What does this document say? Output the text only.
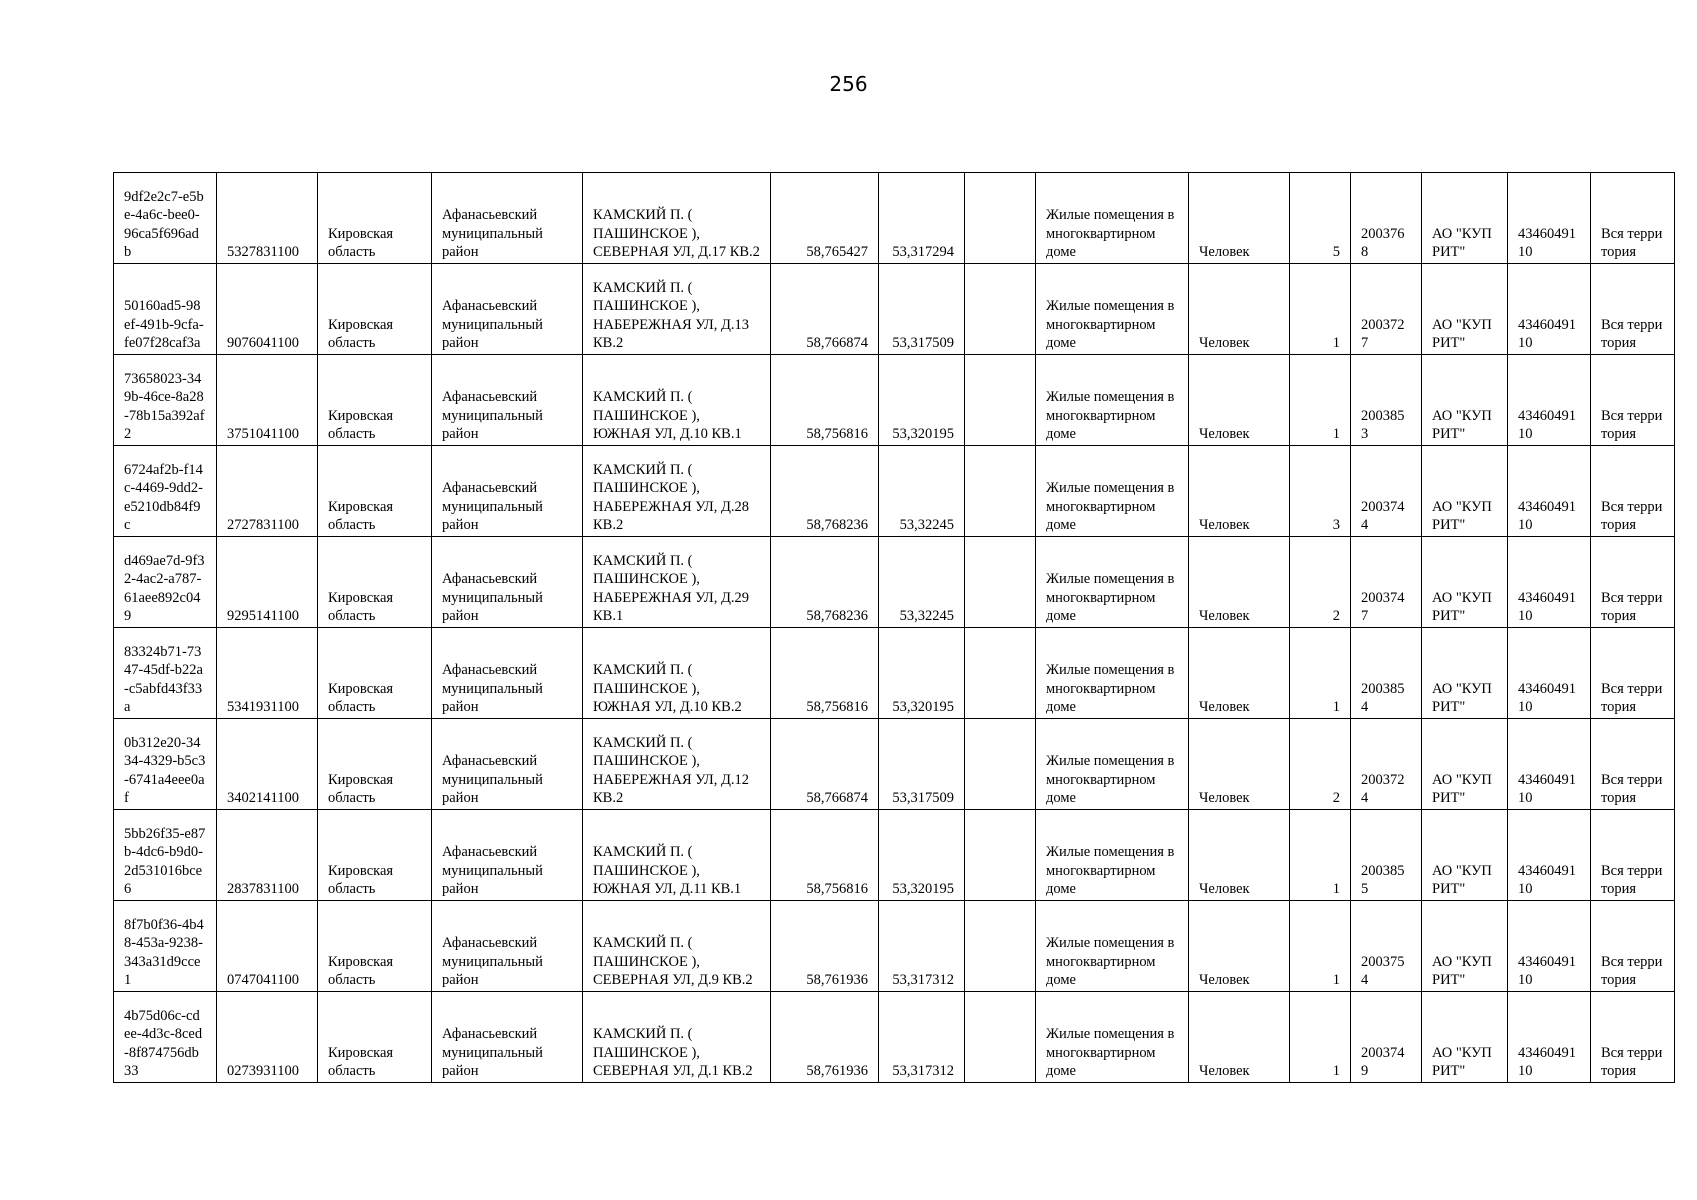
256
9df2e2c7-e5be-4a6c-bee0-96ca5f696adb	5327831100	Кировская область	Афанасьевский муниципальный район	КАМСКИЙ П. ( ПАШИНСКОЕ ), СЕВЕРНАЯ УЛ, Д.17 КВ.2	58,765427	53,317294		Жилые помещения в многоквартирном доме	Человек	5	2003768	АО "КУПРИТ"	4346049110	Вся территория
50160ad5-98ef-491b-9cfa-fe07f28caf3a	9076041100	Кировская область	Афанасьевский муниципальный район	КАМСКИЙ П. ( ПАШИНСКОЕ ), НАБЕРЕЖНАЯ УЛ, Д.13 КВ.2	58,766874	53,317509		Жилые помещения в многоквартирном доме	Человек	1	2003727	АО "КУПРИТ"	4346049110	Вся территория
73658023-349b-46ce-8a28-78b15a392af2	3751041100	Кировская область	Афанасьевский муниципальный район	КАМСКИЙ П. ( ПАШИНСКОЕ ), ЮЖНАЯ УЛ, Д.10 КВ.1	58,756816	53,320195		Жилые помещения в многоквартирном доме	Человек	1	2003853	АО "КУПРИТ"	4346049110	Вся территория
6724af2b-f14c-4469-9dd2-e5210db84f9c	2727831100	Кировская область	Афанасьевский муниципальный район	КАМСКИЙ П. ( ПАШИНСКОЕ ), НАБЕРЕЖНАЯ УЛ, Д.28 КВ.2	58,768236	53,32245		Жилые помещения в многоквартирном доме	Человек	3	2003744	АО "КУПРИТ"	4346049110	Вся территория
d469ae7d-9f32-4ac2-a787-61aee892c049	9295141100	Кировская область	Афанасьевский муниципальный район	КАМСКИЙ П. ( ПАШИНСКОЕ ), НАБЕРЕЖНАЯ УЛ, Д.29 КВ.1	58,768236	53,32245		Жилые помещения в многоквартирном доме	Человек	2	2003747	АО "КУПРИТ"	4346049110	Вся территория
83324b71-7347-45df-b22a-c5abfd43f33a	5341931100	Кировская область	Афанасьевский муниципальный район	КАМСКИЙ П. ( ПАШИНСКОЕ ), ЮЖНАЯ УЛ, Д.10 КВ.2	58,756816	53,320195		Жилые помещения в многоквартирном доме	Человек	1	2003854	АО "КУПРИТ"	4346049110	Вся территория
0b312e20-3434-4329-b5c3-6741a4eee0af	3402141100	Кировская область	Афанасьевский муниципальный район	КАМСКИЙ П. ( ПАШИНСКОЕ ), НАБЕРЕЖНАЯ УЛ, Д.12 КВ.2	58,766874	53,317509		Жилые помещения в многоквартирном доме	Человек	2	2003724	АО "КУПРИТ"	4346049110	Вся территория
5bb26f35-e87b-4dc6-b9d0-2d531016bce6	2837831100	Кировская область	Афанасьевский муниципальный район	КАМСКИЙ П. ( ПАШИНСКОЕ ), ЮЖНАЯ УЛ, Д.11 КВ.1	58,756816	53,320195		Жилые помещения в многоквартирном доме	Человек	1	2003855	АО "КУПРИТ"	4346049110	Вся территория
8f7b0f36-4b48-453a-9238-343a31d9cce1	0747041100	Кировская область	Афанасьевский муниципальный район	КАМСКИЙ П. ( ПАШИНСКОЕ ), СЕВЕРНАЯ УЛ, Д.9 КВ.2	58,761936	53,317312		Жилые помещения в многоквартирном доме	Человек	1	2003754	АО "КУПРИТ"	4346049110	Вся территория
4b75d06c-cdee-4d3c-8ced-8f874756db33	0273931100	Кировская область	Афанасьевский муниципальный район	КАМСКИЙ П. ( ПАШИНСКОЕ ), СЕВЕРНАЯ УЛ, Д.1 КВ.2	58,761936	53,317312		Жилые помещения в многоквартирном доме	Человек	1	2003749	АО "КУПРИТ"	4346049110	Вся территория
